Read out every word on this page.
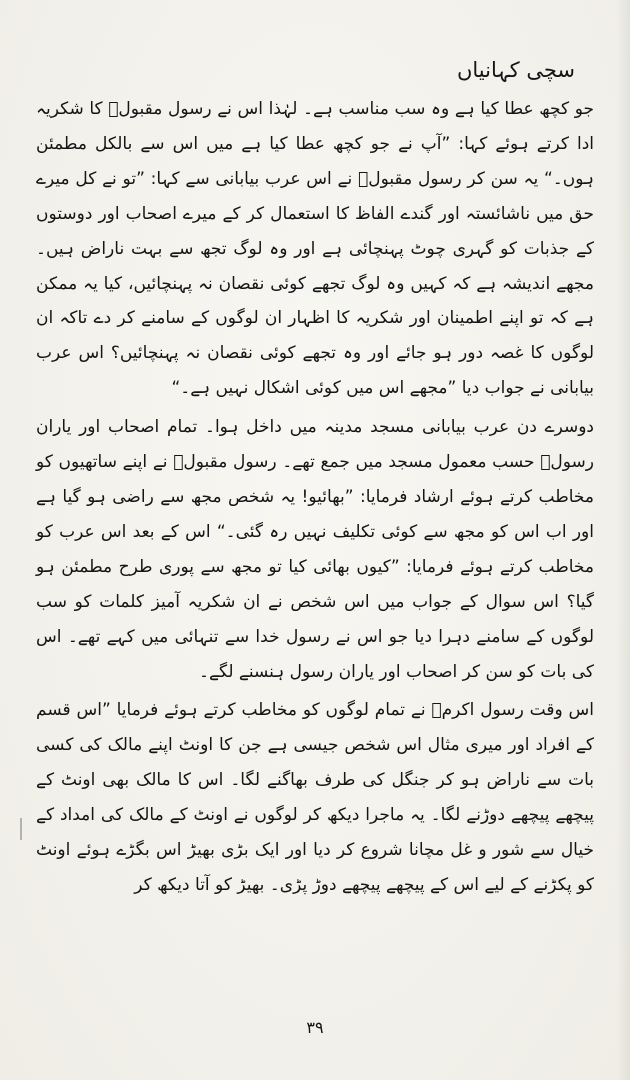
سچی کہانیاں

جو کچھ عطا کیا ہے وہ سب مناسب ہے۔ لہٰذا اس نے رسول مقبولؐ کا شکریہ ادا کرتے ہوئے کہا: ”آپ نے جو کچھ عطا کیا ہے میں اس سے بالکل مطمئن ہوں۔“ یہ سن کر رسول مقبولؐ نے اس عرب بیابانی سے کہا: ”تو نے کل میرے حق میں ناشائستہ اور گندے الفاظ کا استعمال کر کے میرے اصحاب اور دوستوں کے جذبات کو گہری چوٹ پہنچائی ہے اور وہ لوگ تجھ سے بہت ناراض ہیں۔ مجھے اندیشہ ہے کہ کہیں وہ لوگ تجھے کوئی نقصان نہ پہنچائیں، کیا یہ ممکن ہے کہ تو اپنے اطمینان اور شکریہ کا اظہار ان لوگوں کے سامنے کر دے تاکہ ان لوگوں کا غصہ دور ہو جائے اور وہ تجھے کوئی نقصان نہ پہنچائیں؟ اس عرب بیابانی نے جواب دیا ”مجھے اس میں کوئی اشکال نہیں ہے۔“

دوسرے دن عرب بیابانی مسجد مدینہ میں داخل ہوا۔ تمام اصحاب اور یاران رسولؐ حسب معمول مسجد میں جمع تھے۔ رسول مقبولؐ نے اپنے ساتھیوں کو مخاطب کرتے ہوئے ارشاد فرمایا: ”بھائیو! یہ شخص مجھ سے راضی ہو گیا ہے اور اب اس کو مجھ سے کوئی تکلیف نہیں رہ گئی۔“ اس کے بعد اس عرب کو مخاطب کرتے ہوئے فرمایا: ”کیوں بھائی کیا تو مجھ سے پوری طرح مطمئن ہو گیا؟ اس سوال کے جواب میں اس شخص نے ان شکریہ آمیز کلمات کو سب لوگوں کے سامنے دہرا دیا جو اس نے رسول خدا سے تنہائی میں کہے تھے۔ اس کی بات کو سن کر اصحاب اور یاران رسول ہنسنے لگے۔

اس وقت رسول اکرمؐ نے تمام لوگوں کو مخاطب کرتے ہوئے فرمایا ”اس قسم کے افراد اور میری مثال اس شخص جیسی ہے جن کا اونٹ اپنے مالک کی کسی بات سے ناراض ہو کر جنگل کی طرف بھاگنے لگا۔ اس کا مالک بھی اونٹ کے پیچھے پیچھے دوڑنے لگا۔ یہ ماجرا دیکھ کر لوگوں نے اونٹ کے مالک کی امداد کے خیال سے شور و غل مچانا شروع کر دیا اور ایک بڑی بھیڑ اس بگڑے ہوئے اونٹ کو پکڑنے کے لیے اس کے پیچھے پیچھے دوڑ پڑی۔ بھیڑ کو آتا دیکھ کر

۳۹
